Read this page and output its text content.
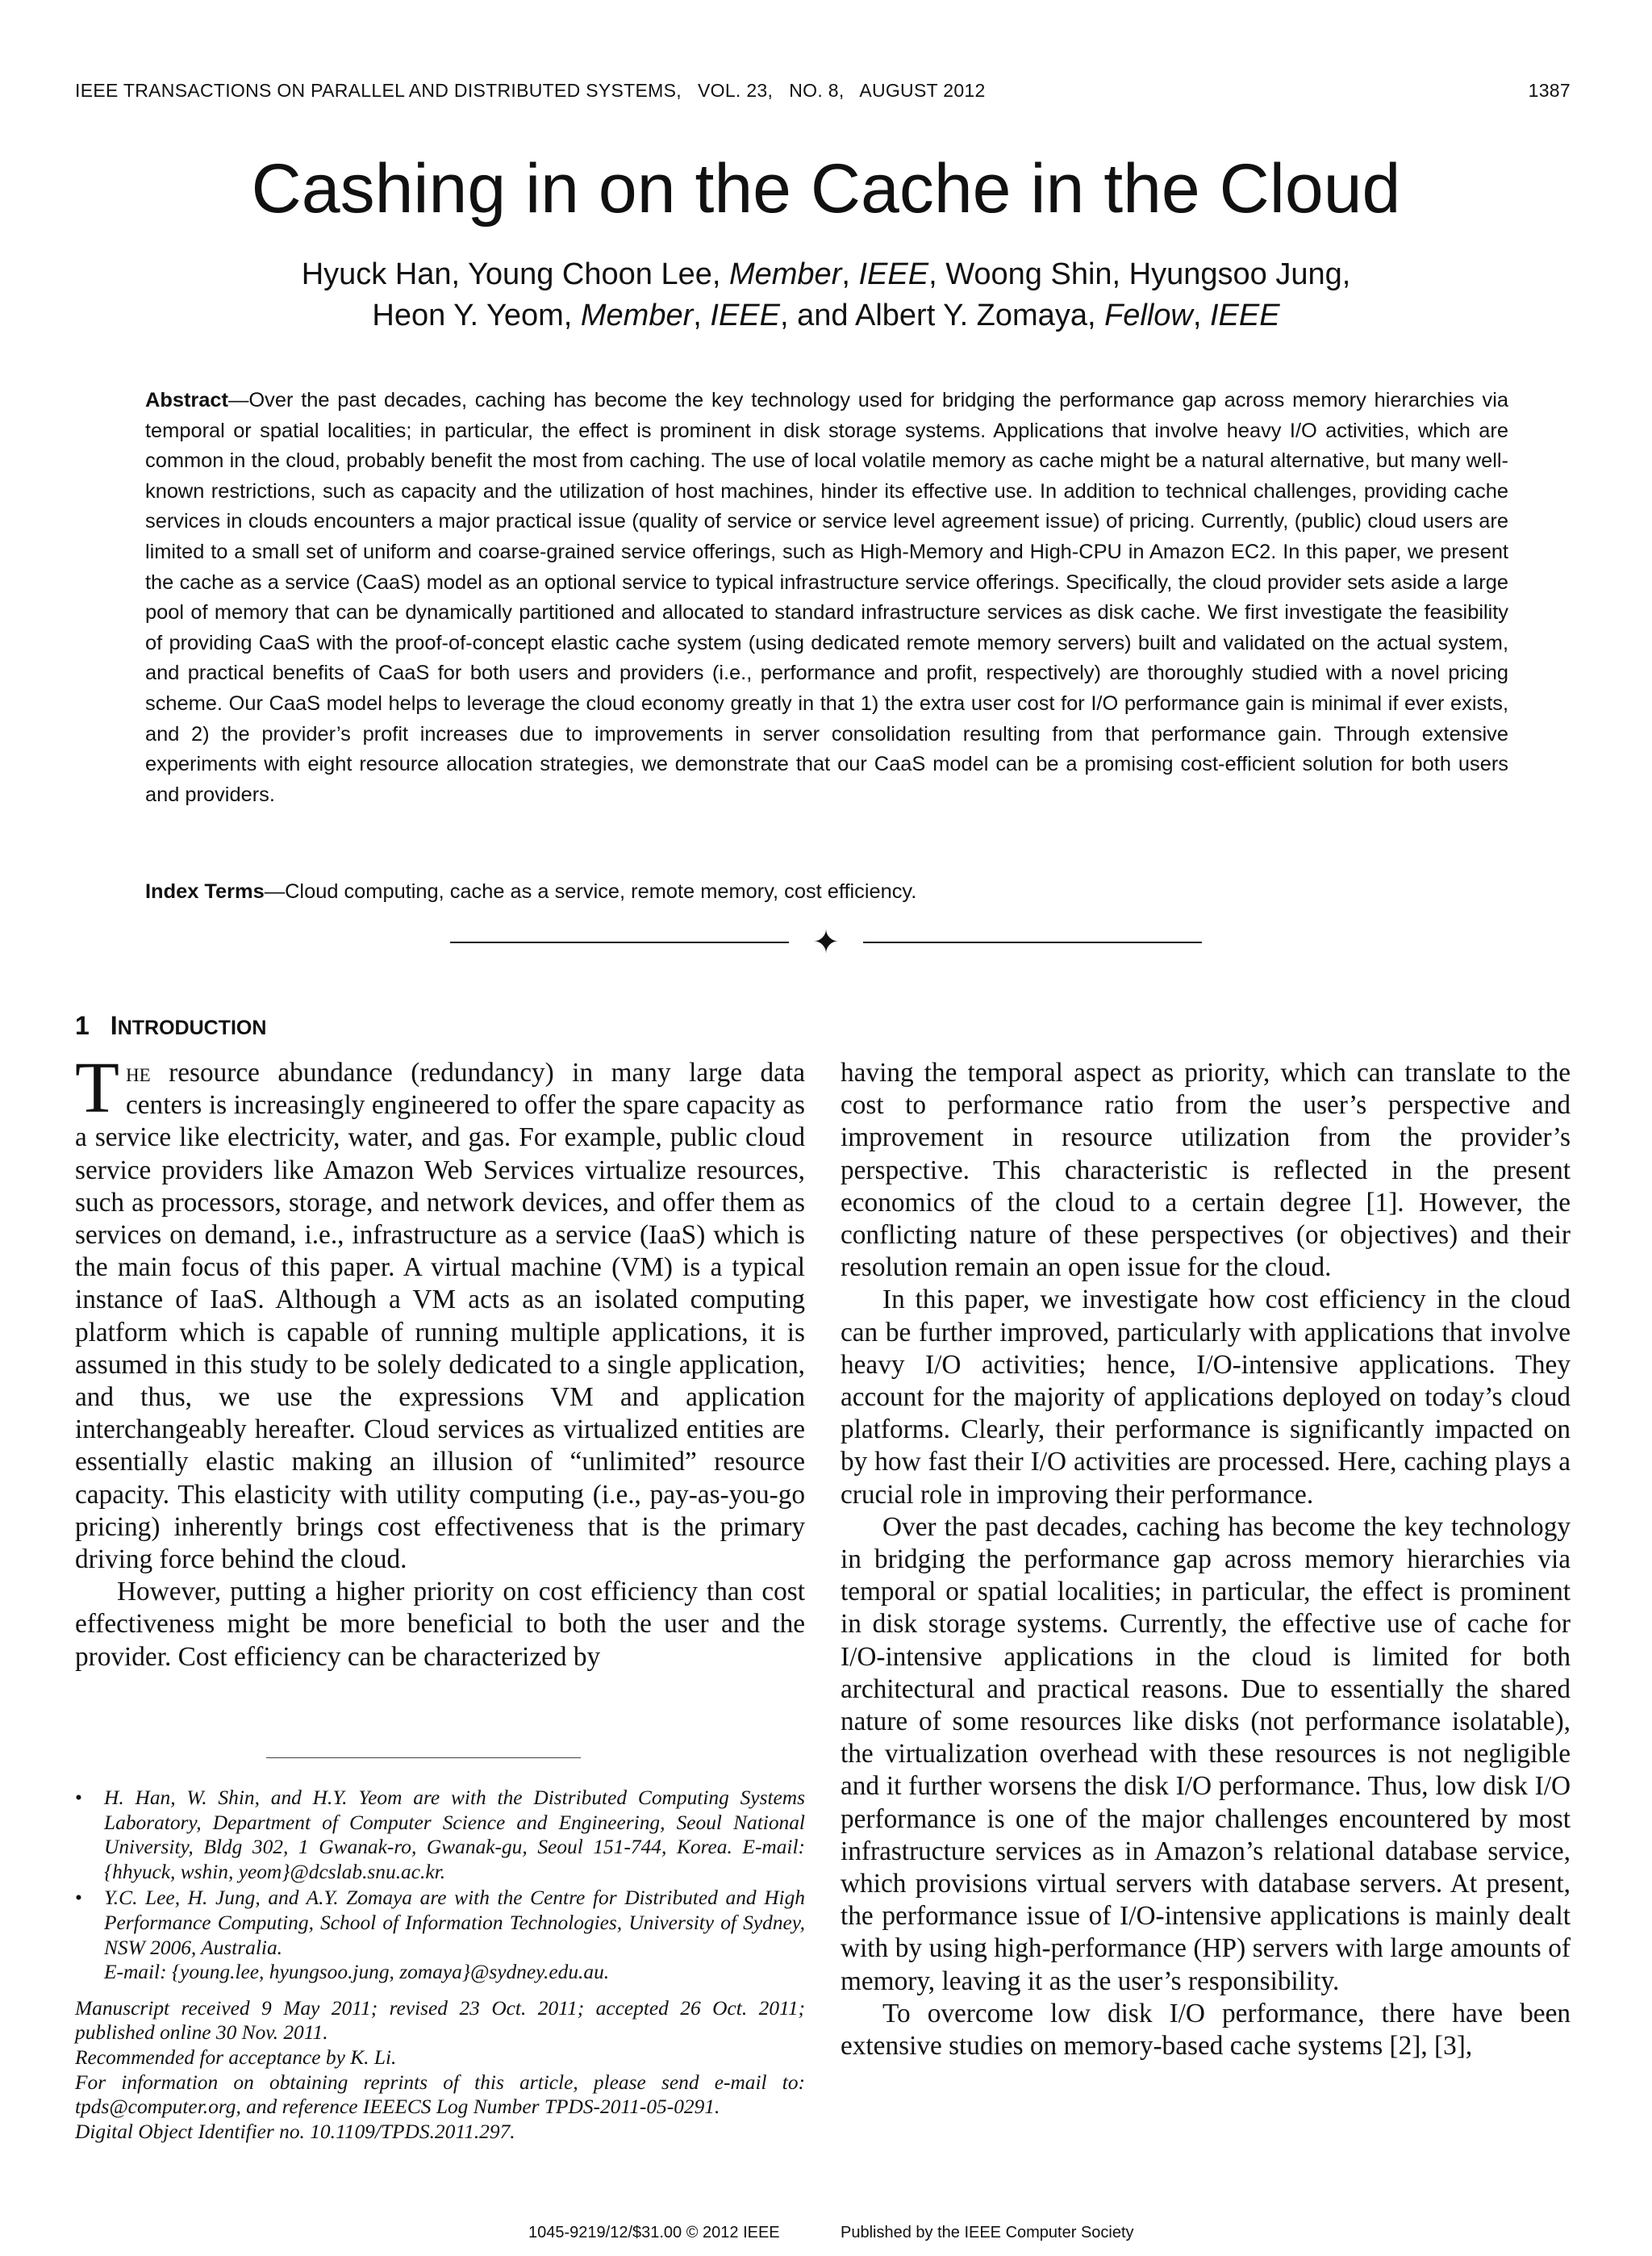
IEEE TRANSACTIONS ON PARALLEL AND DISTRIBUTED SYSTEMS,   VOL. 23,   NO. 8,   AUGUST 2012	1387
Cashing in on the Cache in the Cloud
Hyuck Han, Young Choon Lee, Member, IEEE, Woong Shin, Hyungsoo Jung,
Heon Y. Yeom, Member, IEEE, and Albert Y. Zomaya, Fellow, IEEE
Abstract—Over the past decades, caching has become the key technology used for bridging the performance gap across memory hierarchies via temporal or spatial localities; in particular, the effect is prominent in disk storage systems. Applications that involve heavy I/O activities, which are common in the cloud, probably benefit the most from caching. The use of local volatile memory as cache might be a natural alternative, but many well-known restrictions, such as capacity and the utilization of host machines, hinder its effective use. In addition to technical challenges, providing cache services in clouds encounters a major practical issue (quality of service or service level agreement issue) of pricing. Currently, (public) cloud users are limited to a small set of uniform and coarse-grained service offerings, such as High-Memory and High-CPU in Amazon EC2. In this paper, we present the cache as a service (CaaS) model as an optional service to typical infrastructure service offerings. Specifically, the cloud provider sets aside a large pool of memory that can be dynamically partitioned and allocated to standard infrastructure services as disk cache. We first investigate the feasibility of providing CaaS with the proof-of-concept elastic cache system (using dedicated remote memory servers) built and validated on the actual system, and practical benefits of CaaS for both users and providers (i.e., performance and profit, respectively) are thoroughly studied with a novel pricing scheme. Our CaaS model helps to leverage the cloud economy greatly in that 1) the extra user cost for I/O performance gain is minimal if ever exists, and 2) the provider’s profit increases due to improvements in server consolidation resulting from that performance gain. Through extensive experiments with eight resource allocation strategies, we demonstrate that our CaaS model can be a promising cost-efficient solution for both users and providers.
Index Terms—Cloud computing, cache as a service, remote memory, cost efficiency.
✦
1 INTRODUCTION

The resource abundance (redundancy) in many large data centers is increasingly engineered to offer the spare capacity as a service like electricity, water, and gas. For example, public cloud service providers like Amazon Web Services virtualize resources, such as processors, storage, and network devices, and offer them as services on demand, i.e., infrastructure as a service (IaaS) which is the main focus of this paper. A virtual machine (VM) is a typical instance of IaaS. Although a VM acts as an isolated computing platform which is capable of running multiple applications, it is assumed in this study to be solely dedicated to a single application, and thus, we use the expressions VM and application interchangeably hereafter. Cloud services as virtualized entities are essentially elastic making an illusion of “unlimited” resource capacity. This elasticity with utility computing (i.e., pay-as-you-go pricing) inherently brings cost effectiveness that is the primary driving force behind the cloud.

However, putting a higher priority on cost efficiency than cost effectiveness might be more beneficial to both the user and the provider. Cost efficiency can be characterized by

• H. Han, W. Shin, and H.Y. Yeom are with the Distributed Computing Systems Laboratory, Department of Computer Science and Engineering, Seoul National University, Bldg 302, 1 Gwanak-ro, Gwanak-gu, Seoul 151-744, Korea. E-mail: {hhyuck, wshin, yeom}@dcslab.snu.ac.kr.
• Y.C. Lee, H. Jung, and A.Y. Zomaya are with the Centre for Distributed and High Performance Computing, School of Information Technologies, University of Sydney, NSW 2006, Australia.
E-mail: {young.lee, hyungsoo.jung, zomaya}@sydney.edu.au.
Manuscript received 9 May 2011; revised 23 Oct. 2011; accepted 26 Oct. 2011; published online 30 Nov. 2011.
Recommended for acceptance by K. Li.
For information on obtaining reprints of this article, please send e-mail to: tpds@computer.org, and reference IEEECS Log Number TPDS-2011-05-0291.
Digital Object Identifier no. 10.1109/TPDS.2011.297.

having the temporal aspect as priority, which can translate to the cost to performance ratio from the user’s perspective and improvement in resource utilization from the provider’s perspective. This characteristic is reflected in the present economics of the cloud to a certain degree [1]. However, the conflicting nature of these perspectives (or objectives) and their resolution remain an open issue for the cloud.

In this paper, we investigate how cost efficiency in the cloud can be further improved, particularly with applications that involve heavy I/O activities; hence, I/O-intensive applications. They account for the majority of applications deployed on today’s cloud platforms. Clearly, their performance is significantly impacted on by how fast their I/O activities are processed. Here, caching plays a crucial role in improving their performance.

Over the past decades, caching has become the key technology in bridging the performance gap across memory hierarchies via temporal or spatial localities; in particular, the effect is prominent in disk storage systems. Currently, the effective use of cache for I/O-intensive applications in the cloud is limited for both architectural and practical reasons. Due to essentially the shared nature of some resources like disks (not performance isolatable), the virtualization overhead with these resources is not negligible and it further worsens the disk I/O performance. Thus, low disk I/O performance is one of the major challenges encountered by most infrastructure services as in Amazon’s relational database service, which provisions virtual servers with database servers. At present, the performance issue of I/O-intensive applications is mainly dealt with by using high-performance (HP) servers with large amounts of memory, leaving it as the user’s responsibility.

To overcome low disk I/O performance, there have been extensive studies on memory-based cache systems [2], [3],

1045-9219/12/$31.00 © 2012 IEEE	Published by the IEEE Computer Society
